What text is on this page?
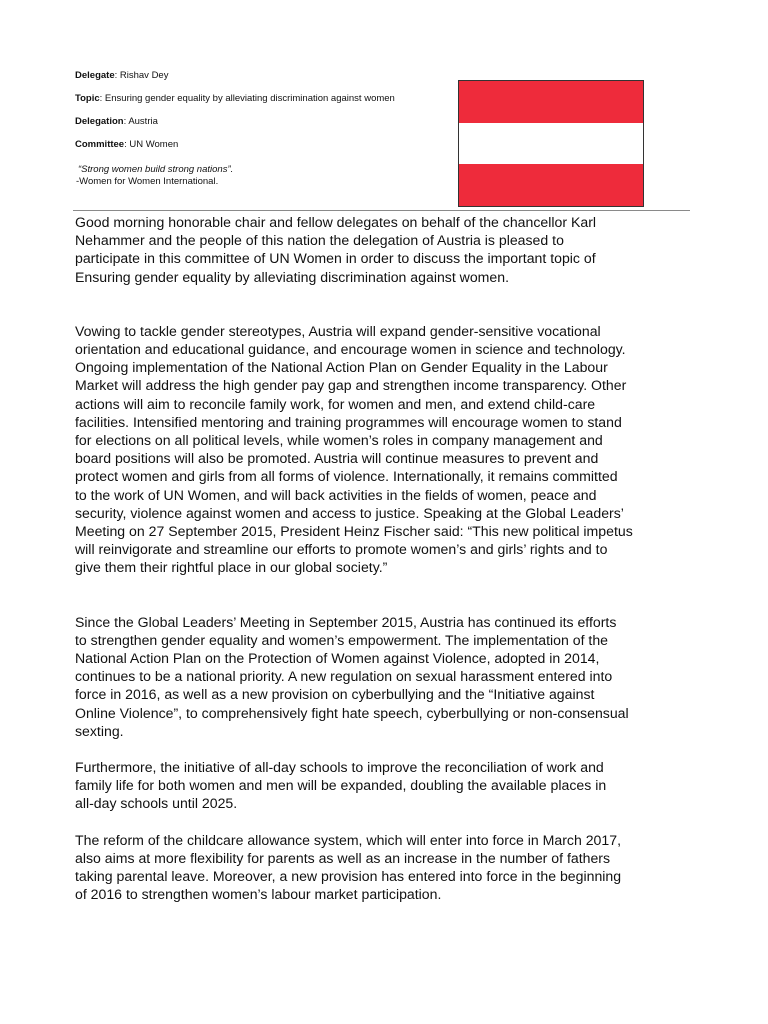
Delegate: Rishav Dey
Topic: Ensuring gender equality by alleviating discrimination against women
Delegation: Austria
Committee: UN Women
“Strong women build strong nations”.
-Women for Women International.

Good morning honorable chair and fellow delegates on behalf of the chancellor Karl
Nehammer and the people of this nation the delegation of Austria is pleased to
participate in this committee of UN Women in order to discuss the important topic of
Ensuring gender equality by alleviating discrimination against women.

Vowing to tackle gender stereotypes, Austria will expand gender-sensitive vocational
orientation and educational guidance, and encourage women in science and technology.
Ongoing implementation of the National Action Plan on Gender Equality in the Labour
Market will address the high gender pay gap and strengthen income transparency. Other
actions will aim to reconcile family work, for women and men, and extend child-care
facilities. Intensified mentoring and training programmes will encourage women to stand
for elections on all political levels, while women’s roles in company management and
board positions will also be promoted. Austria will continue measures to prevent and
protect women and girls from all forms of violence. Internationally, it remains committed
to the work of UN Women, and will back activities in the fields of women, peace and
security, violence against women and access to justice. Speaking at the Global Leaders’
Meeting on 27 September 2015, President Heinz Fischer said: “This new political impetus
will reinvigorate and streamline our efforts to promote women’s and girls’ rights and to
give them their rightful place in our global society.”

Since the Global Leaders’ Meeting in September 2015, Austria has continued its efforts
to strengthen gender equality and women’s empowerment. The implementation of the
National Action Plan on the Protection of Women against Violence, adopted in 2014,
continues to be a national priority. A new regulation on sexual harassment entered into
force in 2016, as well as a new provision on cyberbullying and the “Initiative against
Online Violence”, to comprehensively fight hate speech, cyberbullying or non-consensual
sexting.

Furthermore, the initiative of all-day schools to improve the reconciliation of work and
family life for both women and men will be expanded, doubling the available places in
all-day schools until 2025.

The reform of the childcare allowance system, which will enter into force in March 2017,
also aims at more flexibility for parents as well as an increase in the number of fathers
taking parental leave. Moreover, a new provision has entered into force in the beginning
of 2016 to strengthen women’s labour market participation.
